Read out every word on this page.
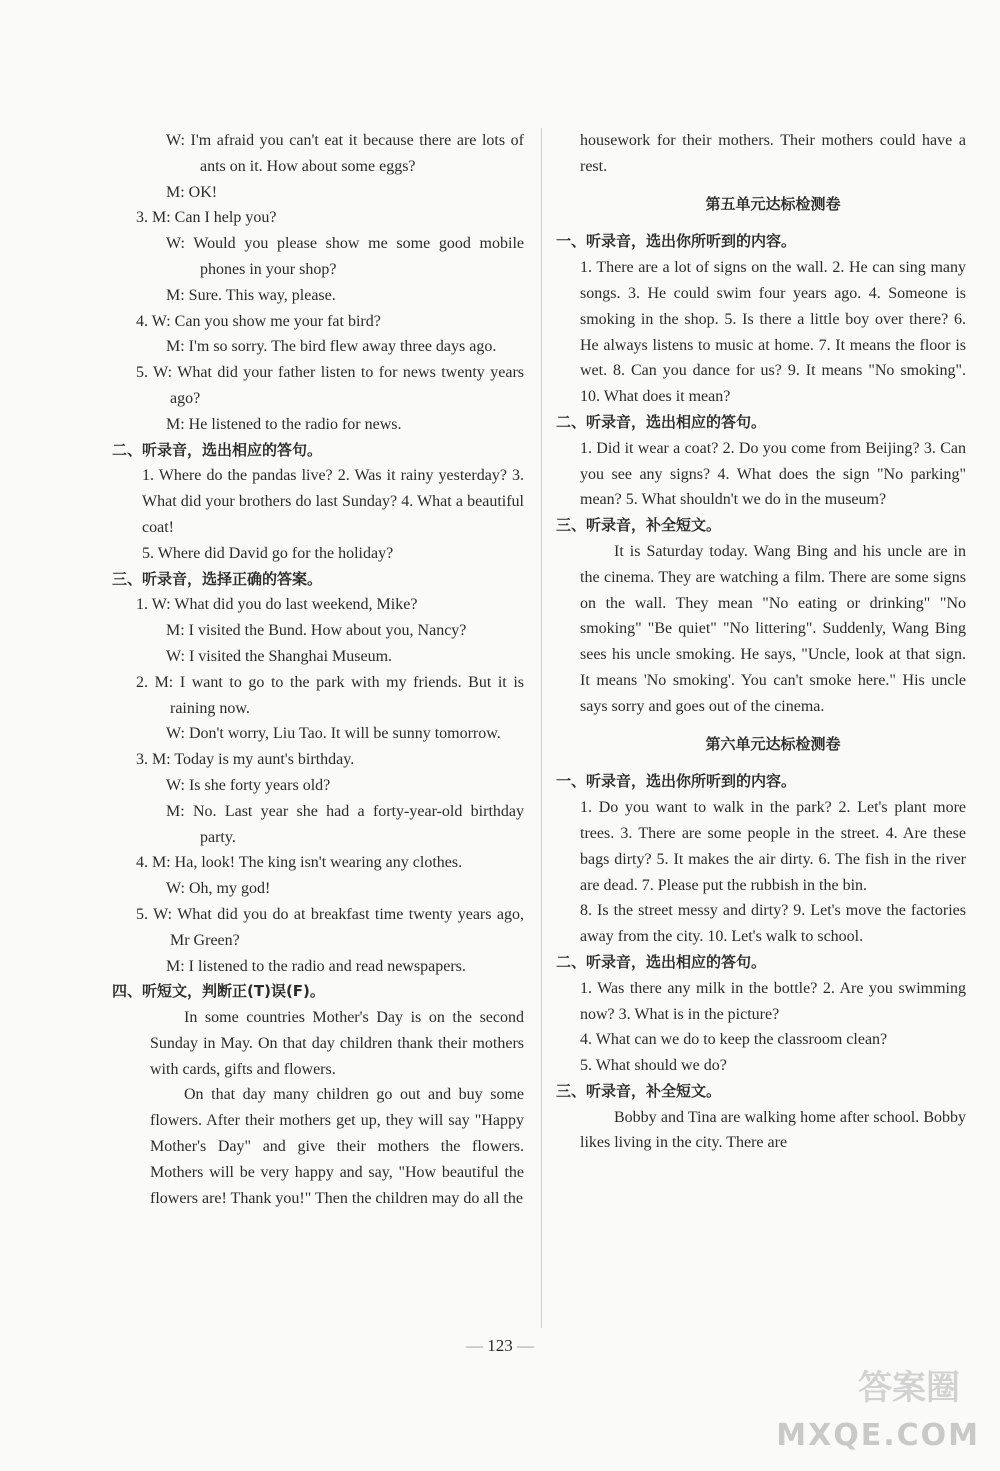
W: I'm afraid you can't eat it because there are lots of ants on it. How about some eggs?

M: OK!

3. M: Can I help you?

W: Would you please show me some good mobile phones in your shop?

M: Sure. This way, please.

4. W: Can you show me your fat bird?

M: I'm so sorry. The bird flew away three days ago.

5. W: What did your father listen to for news twenty years ago?

M: He listened to the radio for news.

二、听录音，选出相应的答句。

1. Where do the pandas live? 2. Was it rainy yesterday? 3. What did your brothers do last Sunday? 4. What a beautiful coat!

5. Where did David go for the holiday?

三、听录音，选择正确的答案。

1. W: What did you do last weekend, Mike?

M: I visited the Bund. How about you, Nancy?

W: I visited the Shanghai Museum.

2. M: I want to go to the park with my friends. But it is raining now.

W: Don't worry, Liu Tao. It will be sunny tomorrow.

3. M: Today is my aunt's birthday.

W: Is she forty years old?

M: No. Last year she had a forty-year-old birthday party.

4. M: Ha, look! The king isn't wearing any clothes.

W: Oh, my god!

5. W: What did you do at breakfast time twenty years ago, Mr Green?

M: I listened to the radio and read newspapers.

四、听短文，判断正(T)误(F)。

In some countries Mother's Day is on the second Sunday in May. On that day children thank their mothers with cards, gifts and flowers.

On that day many children go out and buy some flowers. After their mothers get up, they will say "Happy Mother's Day" and give their mothers the flowers. Mothers will be very happy and say, "How beautiful the flowers are! Thank you!" Then the children may do all the

housework for their mothers. Their mothers could have a rest.

第五单元达标检测卷

一、听录音，选出你所听到的内容。

1. There are a lot of signs on the wall. 2. He can sing many songs. 3. He could swim four years ago. 4. Someone is smoking in the shop. 5. Is there a little boy over there? 6. He always listens to music at home. 7. It means the floor is wet. 8. Can you dance for us? 9. It means "No smoking". 10. What does it mean?

二、听录音，选出相应的答句。

1. Did it wear a coat? 2. Do you come from Beijing? 3. Can you see any signs? 4. What does the sign "No parking" mean? 5. What shouldn't we do in the museum?

三、听录音，补全短文。

It is Saturday today. Wang Bing and his uncle are in the cinema. They are watching a film. There are some signs on the wall. They mean "No eating or drinking" "No smoking" "Be quiet" "No littering". Suddenly, Wang Bing sees his uncle smoking. He says, "Uncle, look at that sign. It means 'No smoking'. You can't smoke here." His uncle says sorry and goes out of the cinema.

第六单元达标检测卷

一、听录音，选出你所听到的内容。

1. Do you want to walk in the park? 2. Let's plant more trees. 3. There are some people in the street. 4. Are these bags dirty? 5. It makes the air dirty. 6. The fish in the river are dead. 7. Please put the rubbish in the bin.

8. Is the street messy and dirty? 9. Let's move the factories away from the city. 10. Let's walk to school.

二、听录音，选出相应的答句。

1. Was there any milk in the bottle? 2. Are you swimming now? 3. What is in the picture?

4. What can we do to keep the classroom clean?

5. What should we do?

三、听录音，补全短文。

Bobby and Tina are walking home after school. Bobby likes living in the city. There are

— 123 —
答案圈
MXQE.COM
